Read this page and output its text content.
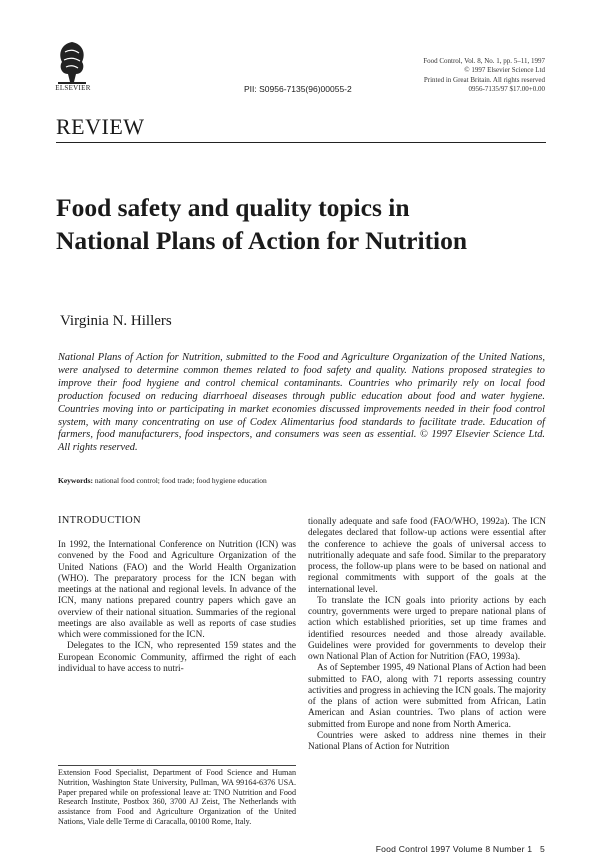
ELSEVIER	PII: S0956-7135(96)00055-2
Food Control, Vol. 8, No. 1, pp. 5–11, 1997
© 1997 Elsevier Science Ltd
Printed in Great Britain. All rights reserved
0956-7135/97 $17.00+0.00
REVIEW
Food safety and quality topics in National Plans of Action for Nutrition
Virginia N. Hillers
National Plans of Action for Nutrition, submitted to the Food and Agriculture Organization of the United Nations, were analysed to determine common themes related to food safety and quality. Nations proposed strategies to improve their food hygiene and control chemical contaminants. Countries who primarily rely on local food production focused on reducing diarrhoeal diseases through public education about food and water hygiene. Countries moving into or participating in market economies discussed improvements needed in their food control system, with many concentrating on use of Codex Alimentarius food standards to facilitate trade. Education of farmers, food manufacturers, food inspectors, and consumers was seen as essential. © 1997 Elsevier Science Ltd. All rights reserved.
Keywords: national food control; food trade; food hygiene education
INTRODUCTION

In 1992, the International Conference on Nutrition (ICN) was convened by the Food and Agriculture Organization of the United Nations (FAO) and the World Health Organization (WHO). The preparatory process for the ICN began with meetings at the national and regional levels. In advance of the ICN, many nations prepared country papers which gave an overview of their national situation. Summaries of the regional meetings are also available as well as reports of case studies which were commissioned for the ICN.

Delegates to the ICN, who represented 159 states and the European Economic Community, affirmed the right of each individual to have access to nutri-

tionally adequate and safe food (FAO/WHO, 1992a). The ICN delegates declared that follow-up actions were essential after the conference to achieve the goals of universal access to nutritionally adequate and safe food. Similar to the preparatory process, the follow-up plans were to be based on national and regional commitments with support of the goals at the international level.

To translate the ICN goals into priority actions by each country, governments were urged to prepare national plans of action which established priorities, set up time frames and identified resources needed and those already available. Guidelines were provided for governments to develop their own National Plan of Action for Nutrition (FAO, 1993a).

As of September 1995, 49 National Plans of Action had been submitted to FAO, along with 71 reports assessing country activities and progress in achieving the ICN goals. The majority of the plans of action were submitted from African, Latin American and Asian countries. Two plans of action were submitted from Europe and none from North America.

Countries were asked to address nine themes in their National Plans of Action for Nutrition

Extension Food Specialist, Department of Food Science and Human Nutrition, Washington State University, Pullman, WA 99164-6376 USA. Paper prepared while on professional leave at: TNO Nutrition and Food Research Institute, Postbox 360, 3700 AJ Zeist, The Netherlands with assistance from Food and Agriculture Organization of the United Nations, Viale delle Terme di Caracalla, 00100 Rome, Italy.
Food Control 1997 Volume 8 Number 1 5
